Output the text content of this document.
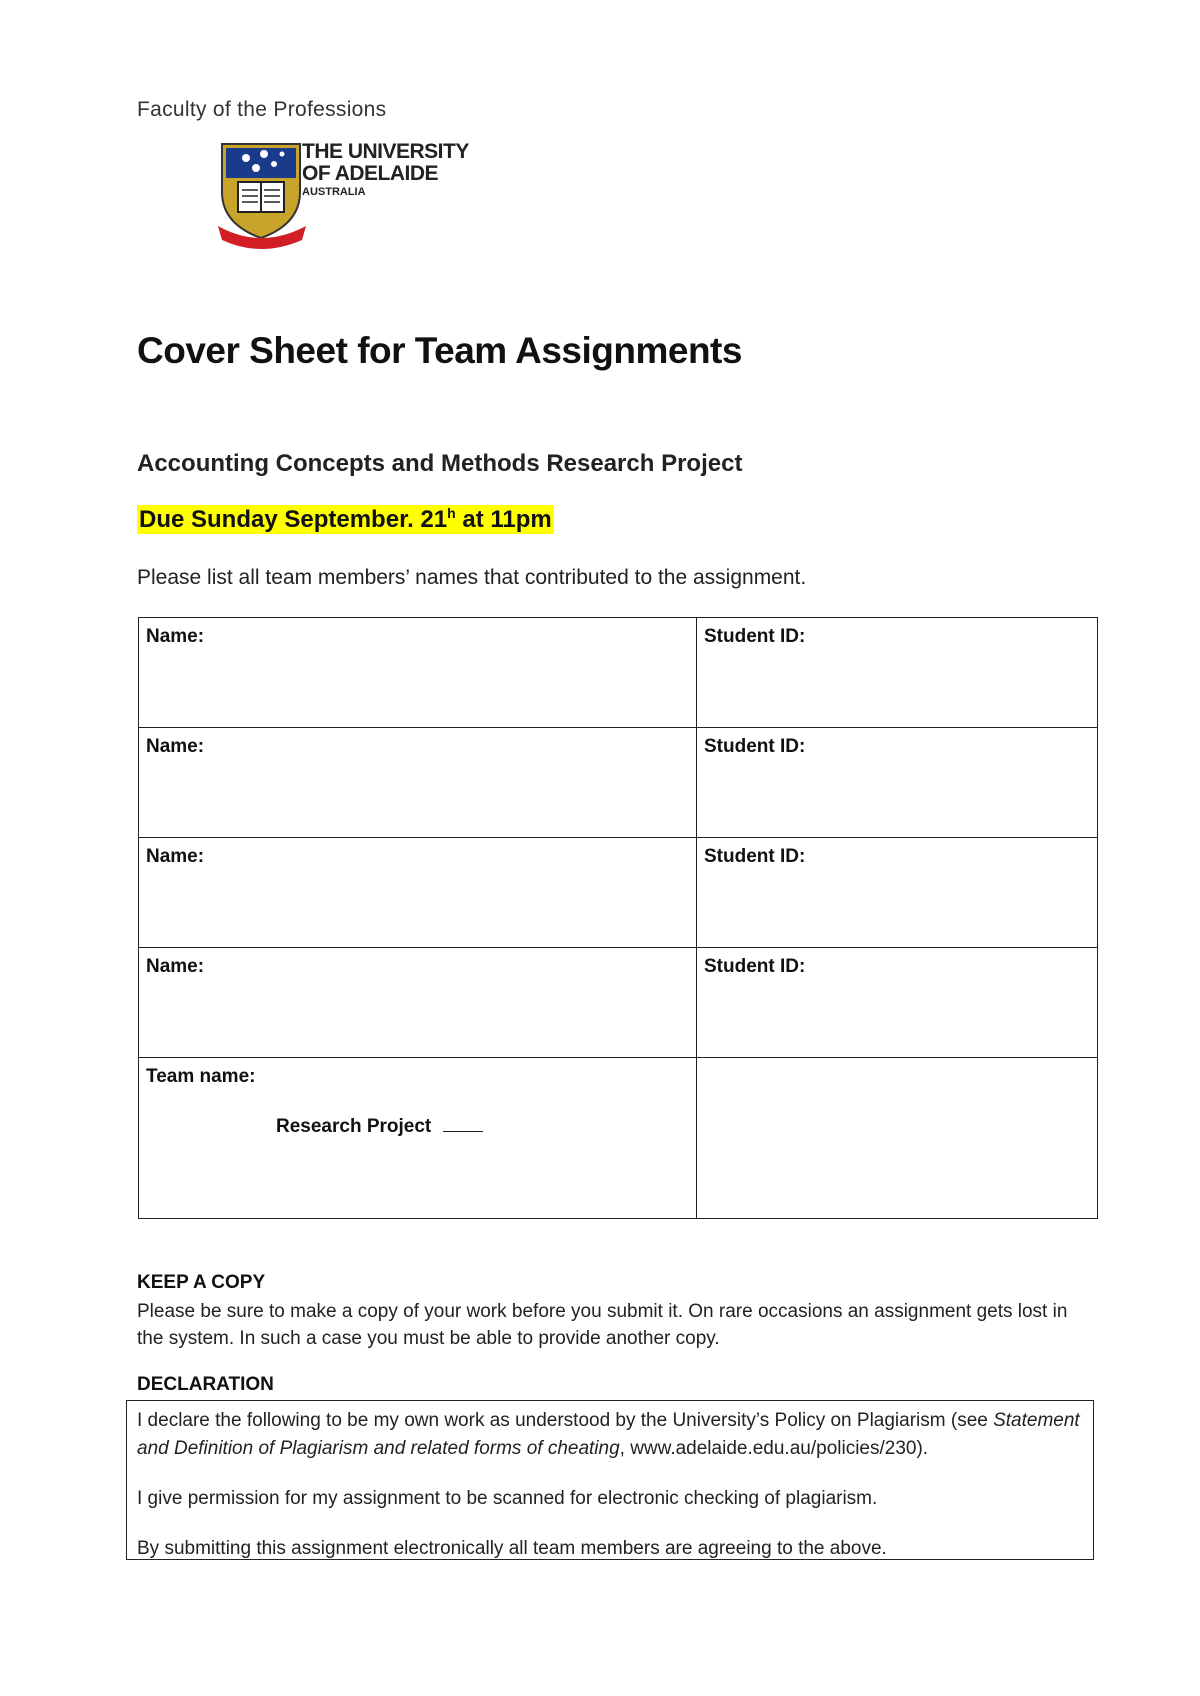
Faculty of the Professions
THE UNIVERSITY
OF ADELAIDE
AUSTRALIA
Cover Sheet for Team Assignments
Accounting Concepts and Methods Research Project
Due Sunday September. 21$^h$ at 11pm
Please list all team members’ names that contributed to the assignment.
Name:	Student ID:
Name:	Student ID:
Name:	Student ID:
Name:	Student ID:

Team name:
Research Project	

KEEP A COPY
Please be sure to make a copy of your work before you submit it. On rare occasions an assignment gets lost in the system. In such a case you must be able to provide another copy.
DECLARATION

I declare the following to be my own work as understood by the University’s Policy on Plagiarism (see Statement and Definition of Plagiarism and related forms of cheating, www.adelaide.edu.au/policies/230).

I give permission for my assignment to be scanned for electronic checking of plagiarism.

By submitting this assignment electronically all team members are agreeing to the above.
